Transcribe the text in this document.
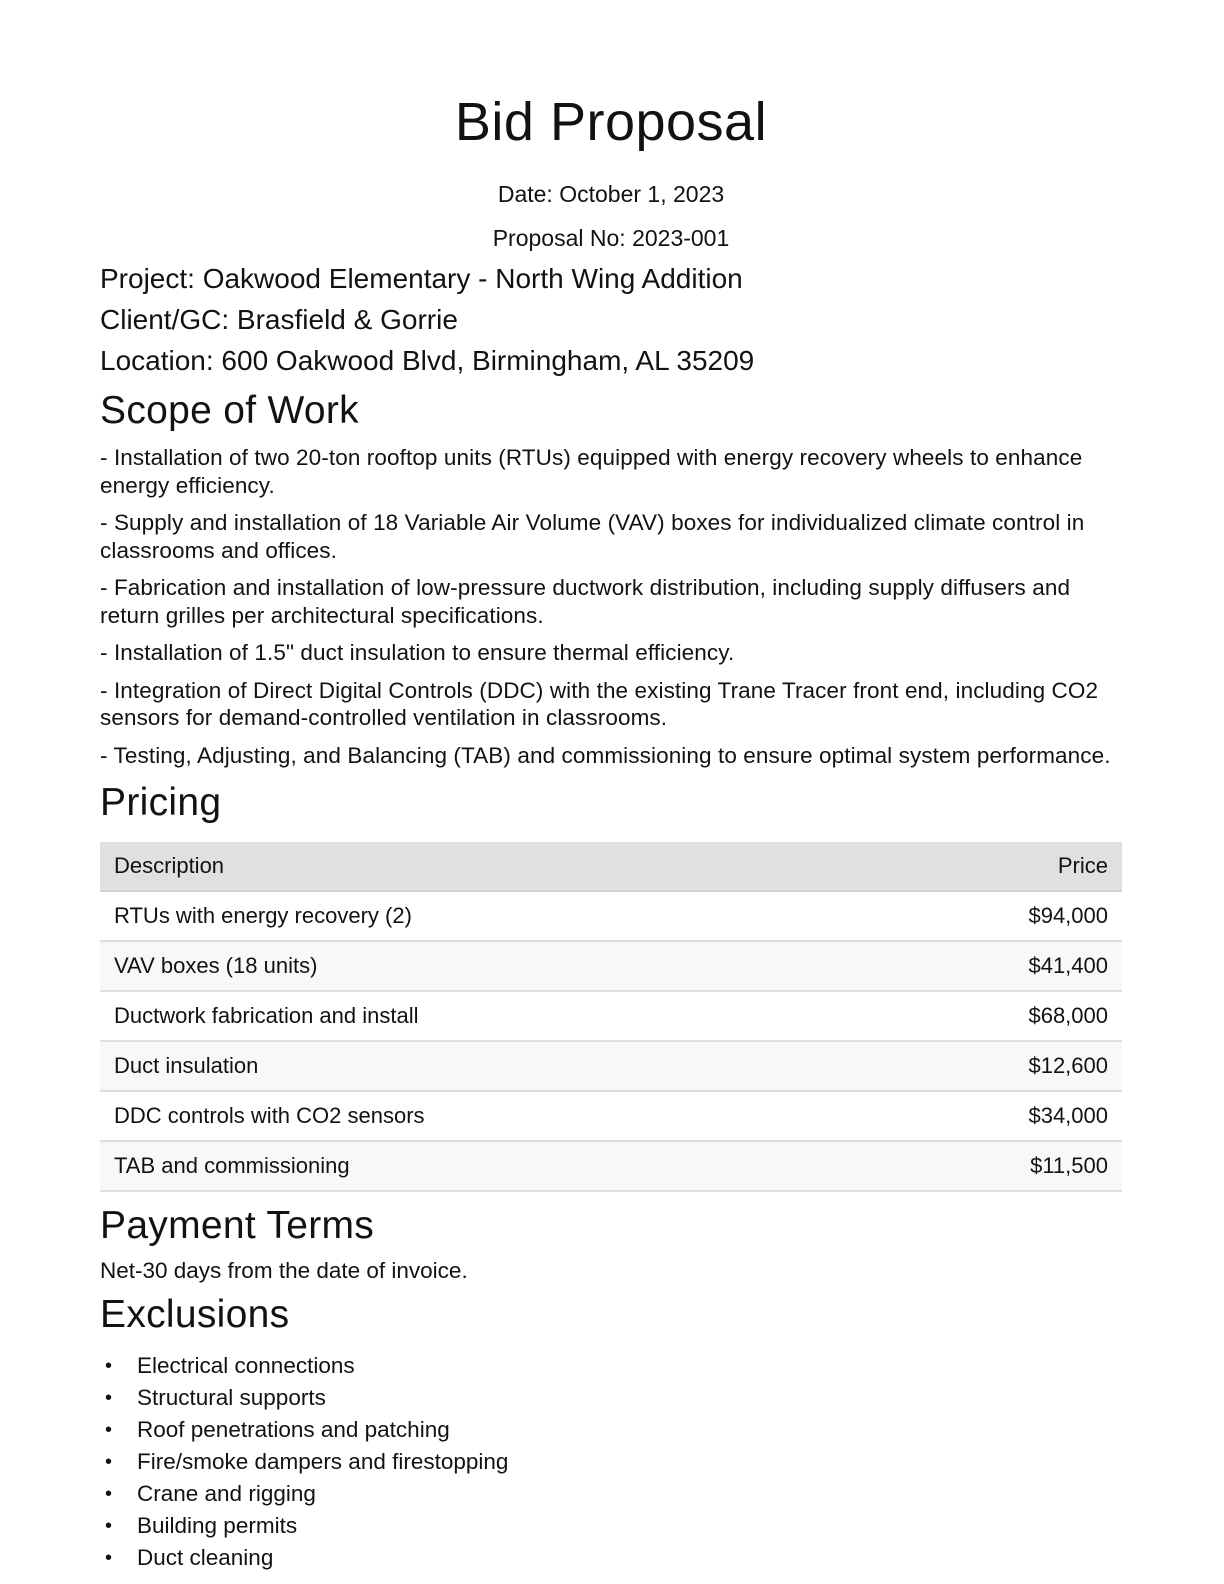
Bid Proposal

Date: October 1, 2023

Proposal No: 2023-001

Project: Oakwood Elementary - North Wing Addition

Client/GC: Brasfield & Gorrie

Location: 600 Oakwood Blvd, Birmingham, AL 35209

Scope of Work

- Installation of two 20-ton rooftop units (RTUs) equipped with energy recovery wheels to enhance energy efficiency.

- Supply and installation of 18 Variable Air Volume (VAV) boxes for individualized climate control in classrooms and offices.

- Fabrication and installation of low-pressure ductwork distribution, including supply diffusers and return grilles per architectural specifications.

- Installation of 1.5" duct insulation to ensure thermal efficiency.

- Integration of Direct Digital Controls (DDC) with the existing Trane Tracer front end, including CO2 sensors for demand-controlled ventilation in classrooms.

- Testing, Adjusting, and Balancing (TAB) and commissioning to ensure optimal system performance.

Pricing
Description	Price
RTUs with energy recovery (2)	$94,000
VAV boxes (18 units)	$41,400
Ductwork fabrication and install	$68,000
Duct insulation	$12,600
DDC controls with CO2 sensors	$34,000
TAB and commissioning	$11,500
Payment Terms

Net-30 days from the date of invoice.

Exclusions
• Electrical connections
• Structural supports
• Roof penetrations and patching
• Fire/smoke dampers and firestopping
• Crane and rigging
• Building permits
• Duct cleaning
